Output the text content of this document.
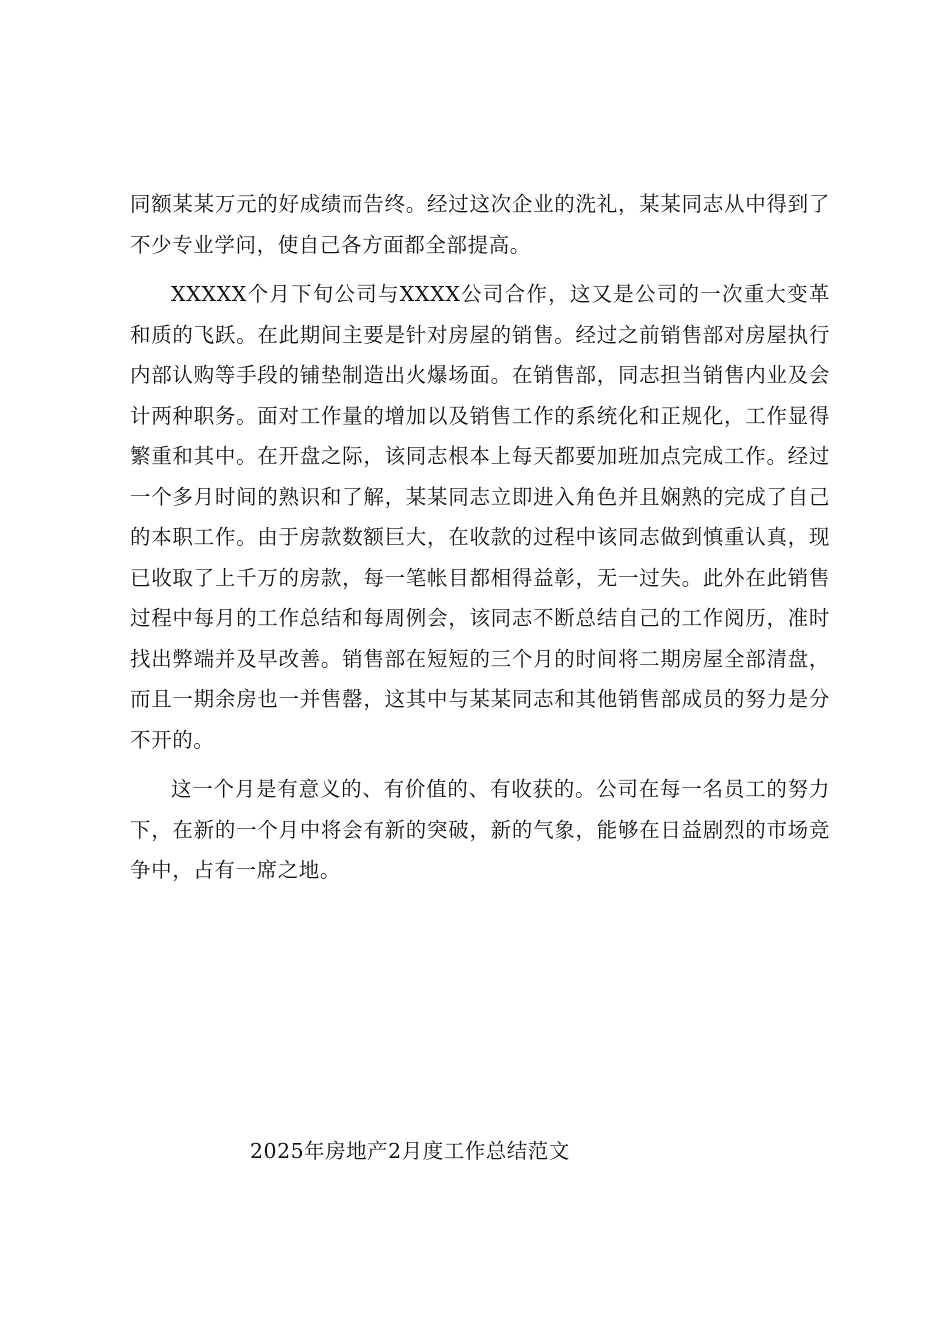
同额某某万元的好成绩而告终。经过这次企业的洗礼，某某同志从中得到了不少专业学问，使自己各方面都全部提高。

XXXXX个月下旬公司与XXXX公司合作，这又是公司的一次重大变革和质的飞跃。在此期间主要是针对房屋的销售。经过之前销售部对房屋执行内部认购等手段的铺垫制造出火爆场面。在销售部，同志担当销售内业及会计两种职务。面对工作量的增加以及销售工作的系统化和正规化，工作显得繁重和其中。在开盘之际，该同志根本上每天都要加班加点完成工作。经过一个多月时间的熟识和了解，某某同志立即进入角色并且娴熟的完成了自己的本职工作。由于房款数额巨大，在收款的过程中该同志做到慎重认真，现已收取了上千万的房款，每一笔帐目都相得益彰，无一过失。此外在此销售过程中每月的工作总结和每周例会，该同志不断总结自己的工作阅历，准时找出弊端并及早改善。销售部在短短的三个月的时间将二期房屋全部清盘，而且一期余房也一并售罄，这其中与某某同志和其他销售部成员的努力是分不开的。

这一个月是有意义的、有价值的、有收获的。公司在每一名员工的努力下，在新的一个月中将会有新的突破，新的气象，能够在日益剧烈的市场竞争中，占有一席之地。

2025年房地产2月度工作总结范文
